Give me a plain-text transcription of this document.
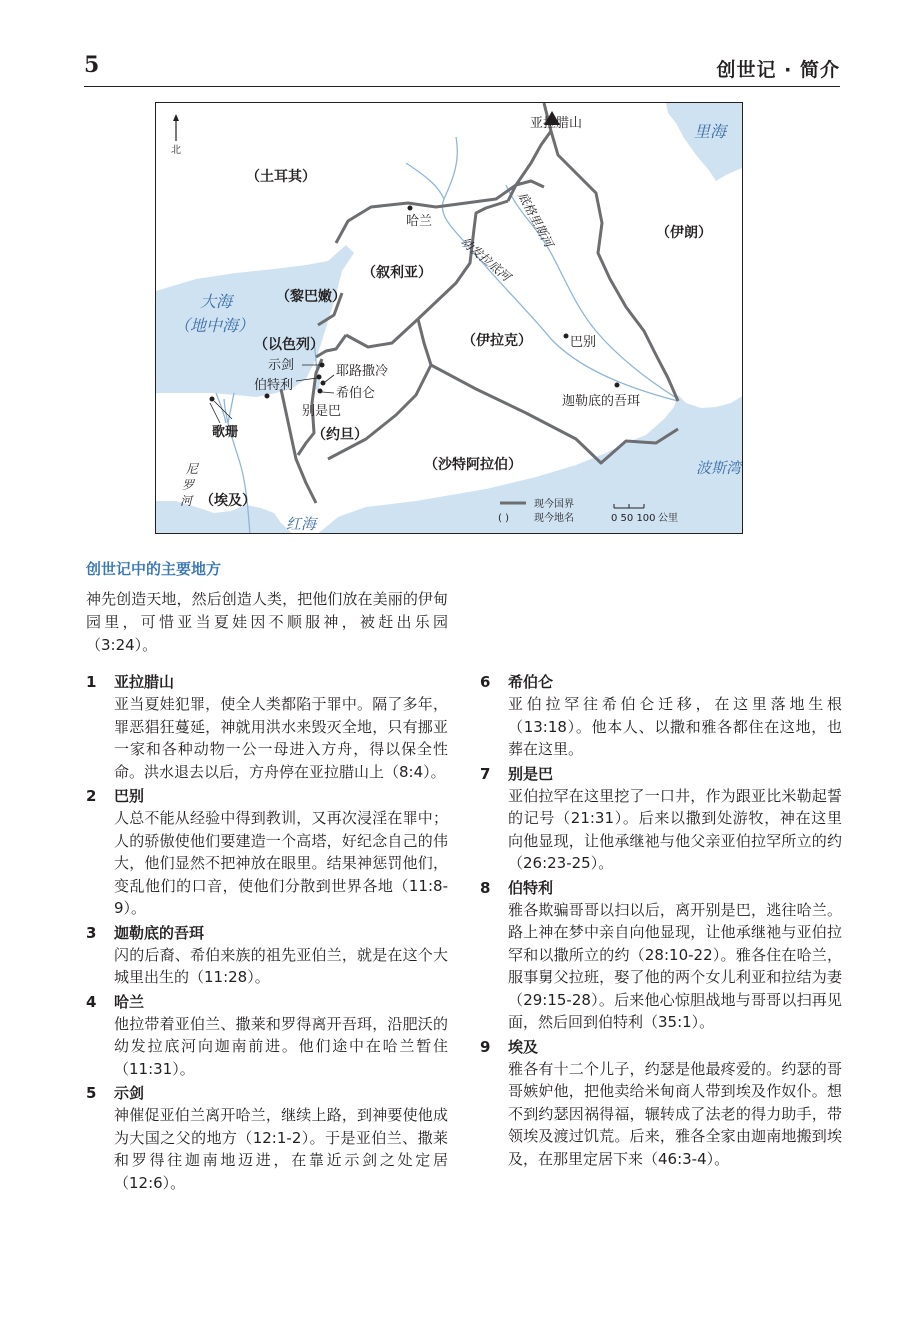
5	创世记 · 简介
北
里海
大海
（地中海）
波斯湾
红海
底格里斯河
幼发拉底河
尼
罗
河
（土耳其）
（叙利亚）
（黎巴嫩）
（以色列）
（约旦）
（伊拉克）
（伊朗）
（沙特阿拉伯）
（埃及）
亚拉腊山
哈兰
巴别
迦勒底的吾珥
示剑
伯特利
耶路撒冷
希伯仑
别是巴
歌珊
现今国界
( )	现今地名	0 50 100 公里
创世记中的主要地方

神先创造天地，然后创造人类，把他们放在美丽的伊甸园里，可惜亚当夏娃因不顺服神，被赶出乐园（3:24）。

1 亚拉腊山

亚当夏娃犯罪，使全人类都陷于罪中。隔了多年，罪恶猖狂蔓延，神就用洪水来毁灭全地，只有挪亚一家和各种动物一公一母进入方舟，得以保全性命。洪水退去以后，方舟停在亚拉腊山上（8:4）。

2 巴别

人总不能从经验中得到教训，又再次浸淫在罪中；人的骄傲使他们要建造一个高塔，好纪念自己的伟大，他们显然不把神放在眼里。结果神惩罚他们，变乱他们的口音，使他们分散到世界各地（11:8-9）。

3 迦勒底的吾珥

闪的后裔、希伯来族的祖先亚伯兰，就是在这个大城里出生的（11:28）。

4 哈兰

他拉带着亚伯兰、撒莱和罗得离开吾珥，沿肥沃的幼发拉底河向迦南前进。他们途中在哈兰暂住（11:31）。

5 示剑

神催促亚伯兰离开哈兰，继续上路，到神要使他成为大国之父的地方（12:1-2）。于是亚伯兰、撒莱和罗得往迦南地迈进，在靠近示剑之处定居（12:6）。

6 希伯仑

亚伯拉罕往希伯仑迁移，在这里落地生根（13:18）。他本人、以撒和雅各都住在这地，也葬在这里。

7 别是巴

亚伯拉罕在这里挖了一口井，作为跟亚比米勒起誓的记号（21:31）。后来以撒到处游牧，神在这里向他显现，让他承继祂与他父亲亚伯拉罕所立的约（26:23-25）。

8 伯特利

雅各欺骗哥哥以扫以后，离开别是巴，逃往哈兰。路上神在梦中亲自向他显现，让他承继祂与亚伯拉罕和以撒所立的约（28:10-22）。雅各住在哈兰，服事舅父拉班，娶了他的两个女儿利亚和拉结为妻（29:15-28）。后来他心惊胆战地与哥哥以扫再见面，然后回到伯特利（35:1）。

9 埃及

雅各有十二个儿子，约瑟是他最疼爱的。约瑟的哥哥嫉妒他，把他卖给米甸商人带到埃及作奴仆。想不到约瑟因祸得福，辗转成了法老的得力助手，带领埃及渡过饥荒。后来，雅各全家由迦南地搬到埃及，在那里定居下来（46:3-4）。
